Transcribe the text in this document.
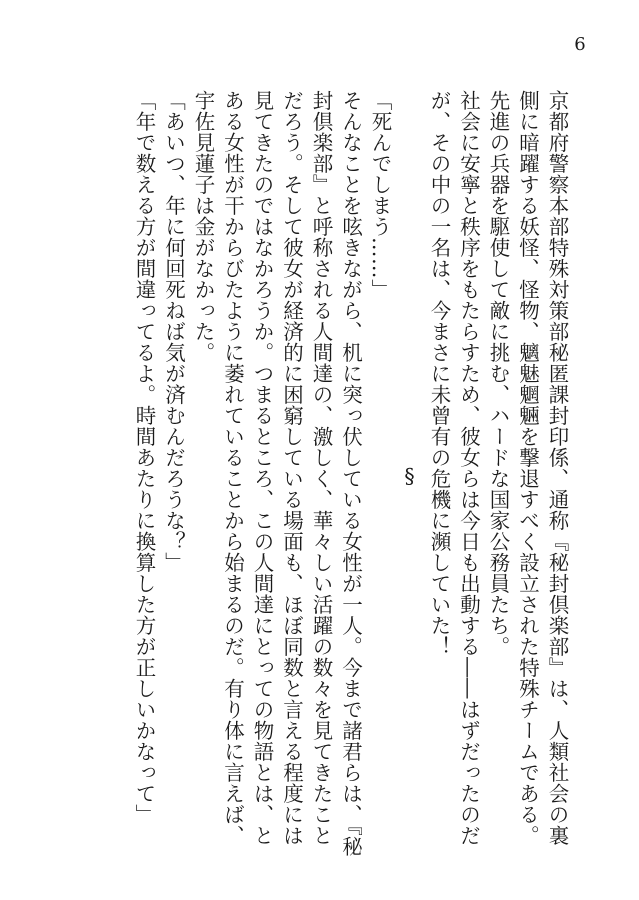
6

京都府警察本部特殊対策部秘匿課封印係、通称『秘封倶楽部』は、人類社会の裏側に暗躍する妖怪、怪物、魑魅魍魎を撃退すべく設立された特殊チームである。

先進の兵器を駆使して敵に挑む、ハードな国家公務員たち。

社会に安寧と秩序をもたらすため、彼女らは今日も出動する――はずだったのだが、その中の一名は、今まさに未曾有の危機に瀕していた！

§

「死んでしまう……」

そんなことを呟きながら、机に突っ伏している女性が一人。今まで諸君らは、『秘封倶楽部』と呼称される人間達の、激しく、華々しい活躍の数々を見てきたことだろう。そして彼女が経済的に困窮している場面も、ほぼ同数と言える程度には見てきたのではなかろうか。つまるところ、この人間達にとっての物語とは、とある女性が干からびたように萎れていることから始まるのだ。有り体に言えば、宇佐見蓮子は金がなかった。

「あいつ、年に何回死ねば気が済むんだろうな？」

「年で数える方が間違ってるよ。時間あたりに換算した方が正しいかなって」
